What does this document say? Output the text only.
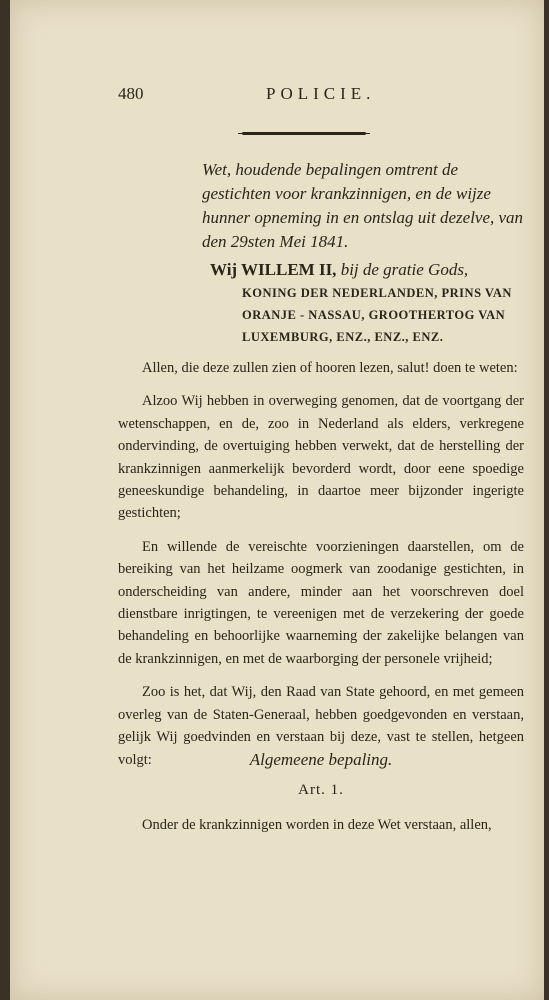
480	POLICIE.
Wet, houdende bepalingen omtrent de gestichten voor krankzinnigen, en de wijze hunner opneming in en ontslag uit dezelve, van den 29sten Mei 1841.
Wij WILLEM II, bij de gratie Gods,
KONING DER NEDERLANDEN, PRINS VAN
ORANJE - NASSAU, GROOTHERTOG VAN
LUXEMBURG, ENZ., ENZ., ENZ.

Allen, die deze zullen zien of hooren lezen, salut! doen te weten:

Alzoo Wij hebben in overweging genomen, dat de voortgang der wetenschappen, en de, zoo in Nederland als elders, verkregene ondervinding, de overtuiging hebben verwekt, dat de herstelling der krankzinnigen aanmerkelijk bevorderd wordt, door eene spoedige geneeskundige behandeling, in daartoe meer bijzonder ingerigte gestichten;

En willende de vereischte voorzieningen daarstellen, om de bereiking van het heilzame oogmerk van zoodanige gestichten, in onderscheiding van andere, minder aan het voorschreven doel dienstbare inrigtingen, te vereenigen met de verzekering der goede behandeling en behoorlijke waarneming der zakelijke belangen van de krankzinnigen, en met de waarborging der personele vrijheid;

Zoo is het, dat Wij, den Raad van State gehoord, en met gemeen overleg van de Staten-Generaal, hebben goedgevonden en verstaan, gelijk Wij goedvinden en verstaan bij deze, vast te stellen, hetgeen volgt:	Algemeene bepaling.
Art. 1.
Onder de krankzinnigen worden in deze Wet verstaan, allen,
